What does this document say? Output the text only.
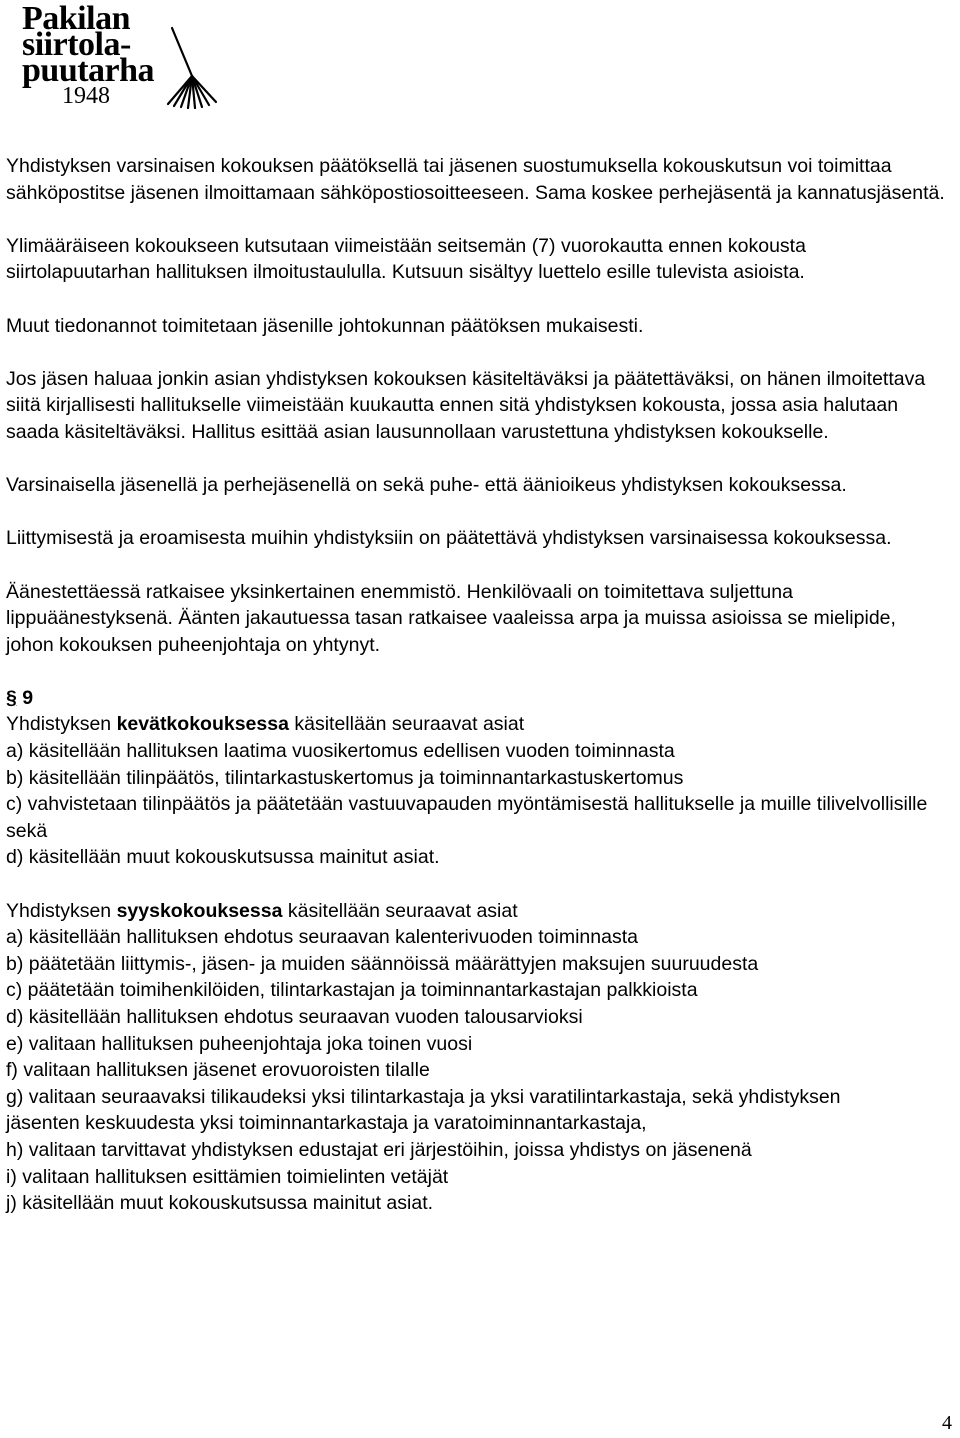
Pakilan
siirtola-
puutarha
1948

Yhdistyksen varsinaisen kokouksen päätöksellä tai jäsenen suostumuksella kokouskutsun voi toimittaa sähköpostitse jäsenen ilmoittamaan sähköpostiosoitteeseen. Sama koskee perhejäsentä ja kannatusjäsentä.

Ylimääräiseen kokoukseen kutsutaan viimeistään seitsemän (7) vuorokautta ennen kokousta siirtolapuutarhan hallituksen ilmoitustaululla. Kutsuun sisältyy luettelo esille tulevista asioista.

Muut tiedonannot toimitetaan jäsenille johtokunnan päätöksen mukaisesti.

Jos jäsen haluaa jonkin asian yhdistyksen kokouksen käsiteltäväksi ja päätettäväksi, on hänen ilmoitettava siitä kirjallisesti hallitukselle viimeistään kuukautta ennen sitä yhdistyksen kokousta, jossa asia halutaan saada käsiteltäväksi. Hallitus esittää asian lausunnollaan varustettuna yhdistyksen kokoukselle.

Varsinaisella jäsenellä ja perhejäsenellä on sekä puhe- että äänioikeus yhdistyksen kokouksessa.

Liittymisestä ja eroamisesta muihin yhdistyksiin on päätettävä yhdistyksen varsinaisessa kokouksessa.

Äänestettäessä ratkaisee yksinkertainen enemmistö. Henkilövaali on toimitettava suljettuna lippuäänestyksenä. Äänten jakautuessa tasan ratkaisee vaaleissa arpa ja muissa asioissa se mielipide, johon kokouksen puheenjohtaja on yhtynyt.

§ 9

Yhdistyksen kevätkokouksessa käsitellään seuraavat asiat

a) käsitellään hallituksen laatima vuosikertomus edellisen vuoden toiminnasta

b) käsitellään tilinpäätös, tilintarkastuskertomus ja toiminnantarkastuskertomus

c) vahvistetaan tilinpäätös ja päätetään vastuuvapauden myöntämisestä hallitukselle ja muille tilivelvollisille sekä

d) käsitellään muut kokouskutsussa mainitut asiat.

Yhdistyksen syyskokouksessa käsitellään seuraavat asiat

a) käsitellään hallituksen ehdotus seuraavan kalenterivuoden toiminnasta

b) päätetään liittymis-, jäsen- ja muiden säännöissä määrättyjen maksujen suuruudesta

c) päätetään toimihenkilöiden, tilintarkastajan ja toiminnantarkastajan palkkioista

d) käsitellään hallituksen ehdotus seuraavan vuoden talousarvioksi

e) valitaan hallituksen puheenjohtaja joka toinen vuosi

f) valitaan hallituksen jäsenet erovuoroisten tilalle

g) valitaan seuraavaksi tilikaudeksi yksi tilintarkastaja ja yksi varatilintarkastaja, sekä yhdistyksen

jäsenten keskuudesta yksi toiminnantarkastaja ja varatoiminnantarkastaja,

h) valitaan tarvittavat yhdistyksen edustajat eri järjestöihin, joissa yhdistys on jäsenenä

i) valitaan hallituksen esittämien toimielinten vetäjät

j) käsitellään muut kokouskutsussa mainitut asiat.

4
